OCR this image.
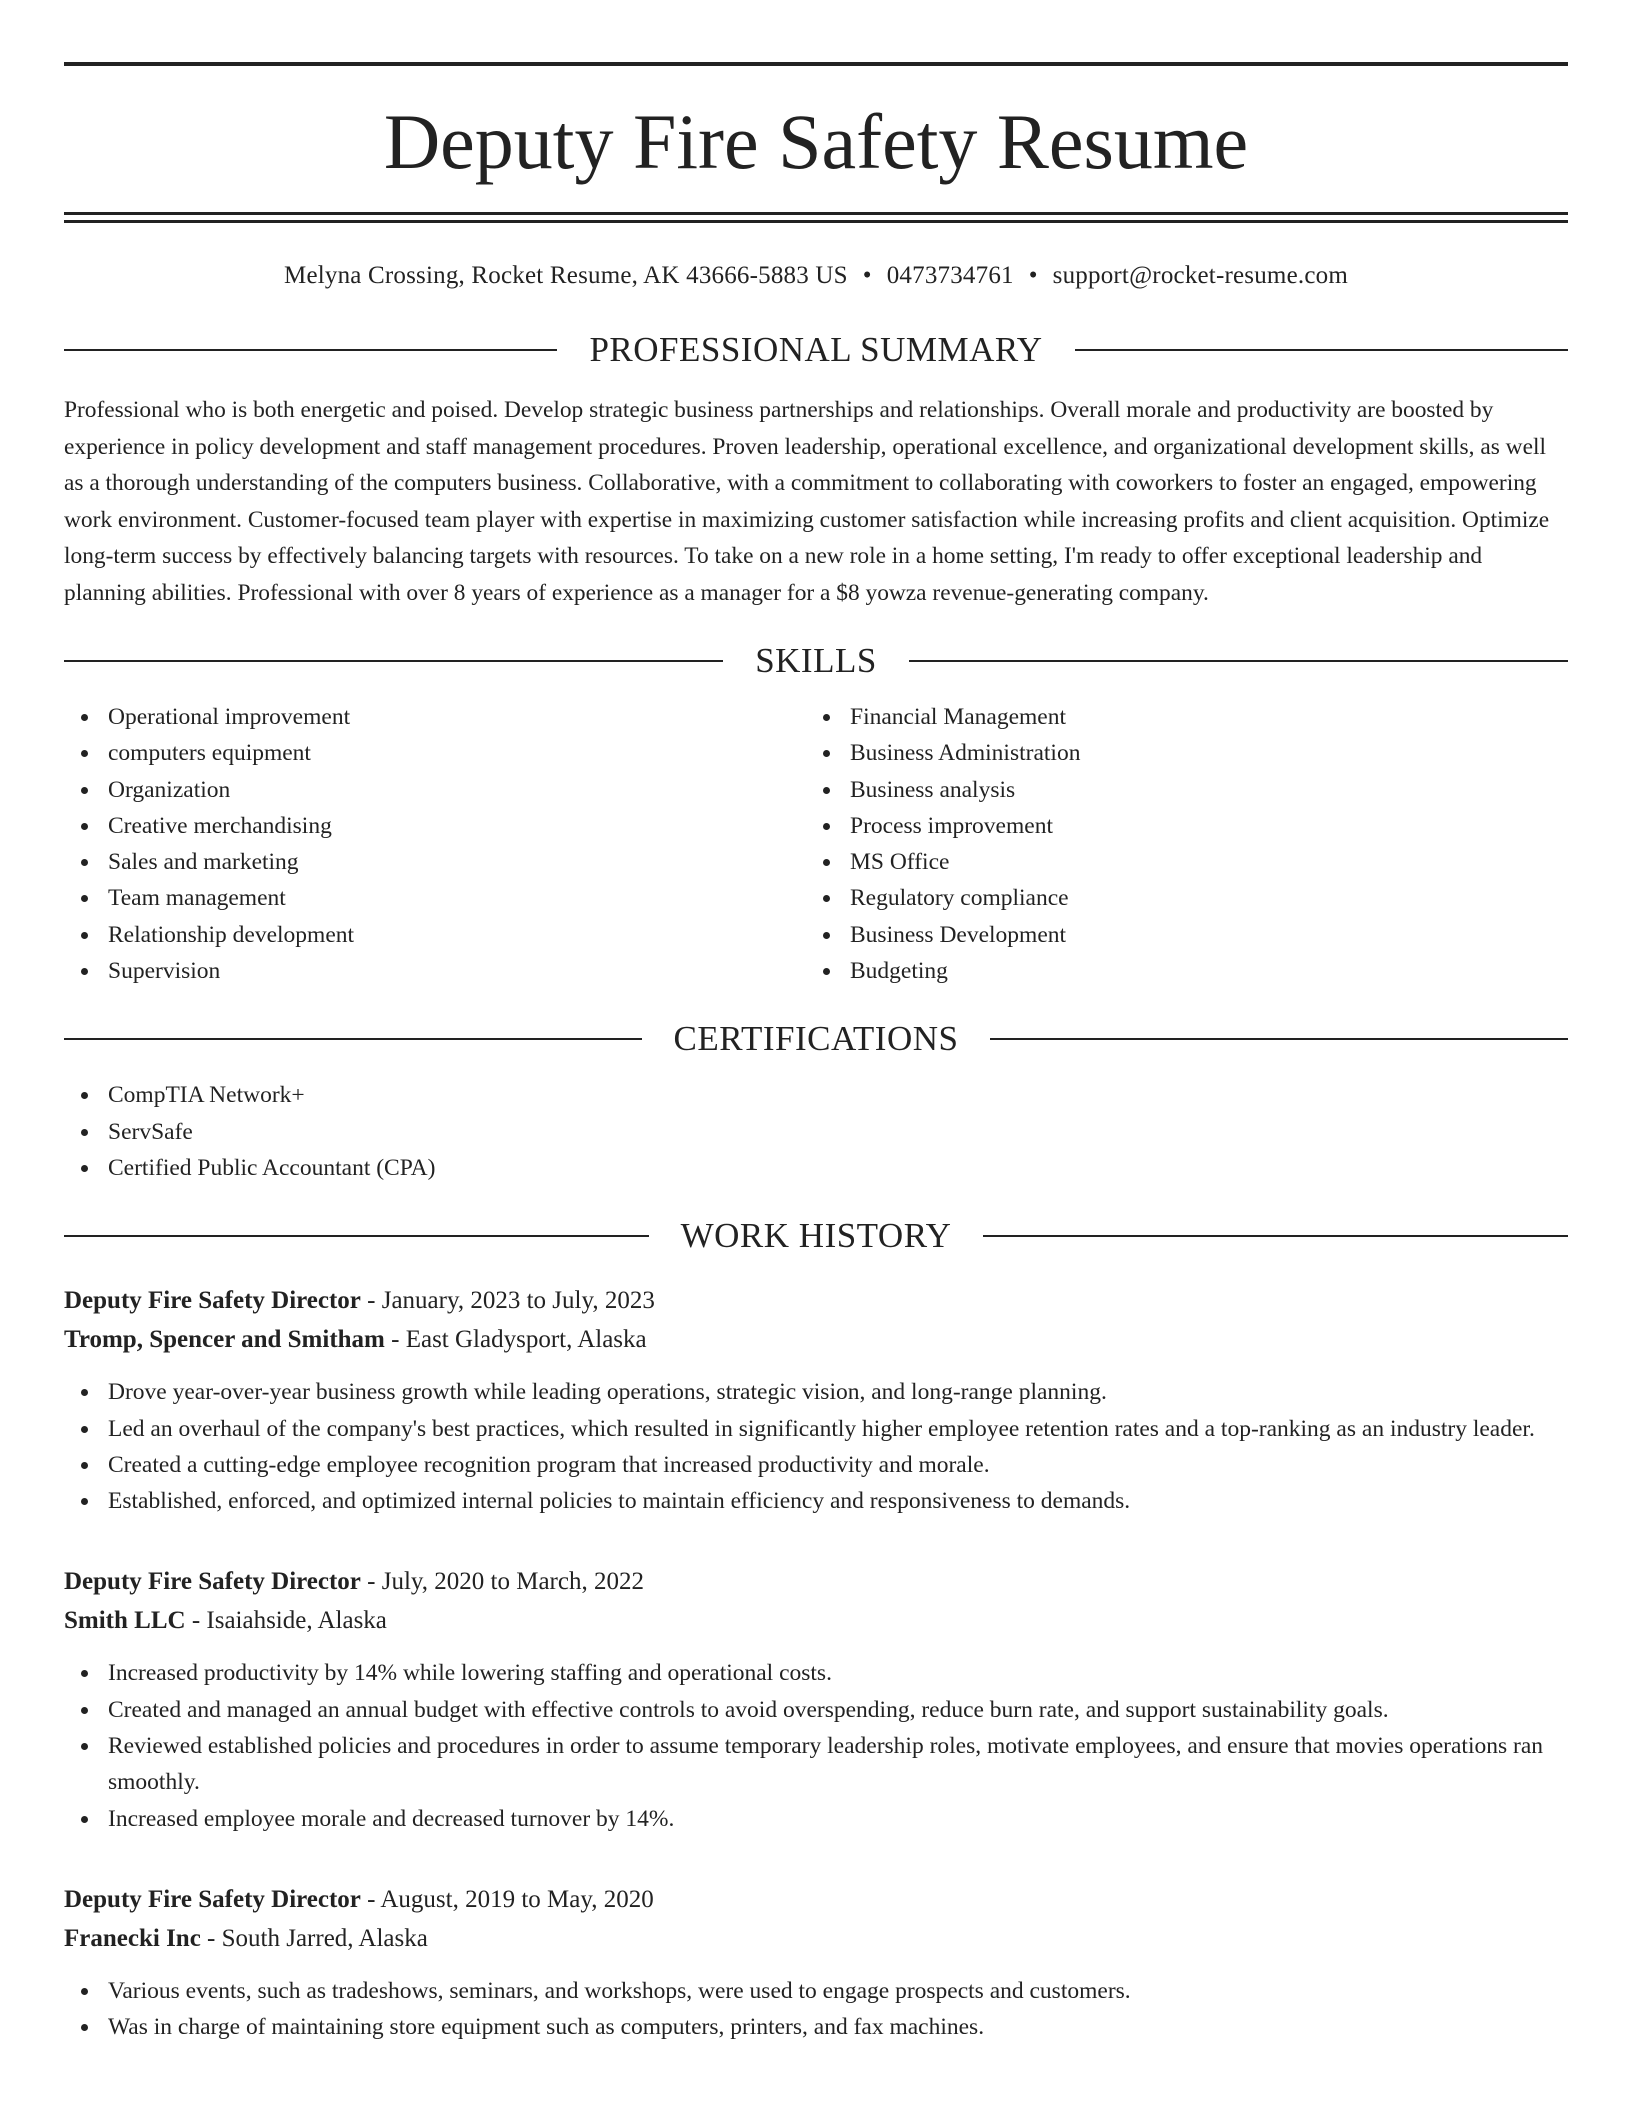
Deputy Fire Safety Resume
Melyna Crossing, Rocket Resume, AK 43666-5883 US • 0473734761 • support@rocket-resume.com
PROFESSIONAL SUMMARY
Professional who is both energetic and poised. Develop strategic business partnerships and relationships. Overall morale and productivity are boosted by experience in policy development and staff management procedures. Proven leadership, operational excellence, and organizational development skills, as well as a thorough understanding of the computers business. Collaborative, with a commitment to collaborating with coworkers to foster an engaged, empowering work environment. Customer-focused team player with expertise in maximizing customer satisfaction while increasing profits and client acquisition. Optimize long-term success by effectively balancing targets with resources. To take on a new role in a home setting, I'm ready to offer exceptional leadership and planning abilities. Professional with over 8 years of experience as a manager for a $8 yowza revenue-generating company.
SKILLS
Operational improvement
computers equipment
Organization
Creative merchandising
Sales and marketing
Team management
Relationship development
Supervision
Financial Management
Business Administration
Business analysis
Process improvement
MS Office
Regulatory compliance
Business Development
Budgeting
CERTIFICATIONS
CompTIA Network+
ServSafe
Certified Public Accountant (CPA)
WORK HISTORY
Deputy Fire Safety Director - January, 2023 to July, 2023
Tromp, Spencer and Smitham - East Gladysport, Alaska
Drove year-over-year business growth while leading operations, strategic vision, and long-range planning.
Led an overhaul of the company's best practices, which resulted in significantly higher employee retention rates and a top-ranking as an industry leader.
Created a cutting-edge employee recognition program that increased productivity and morale.
Established, enforced, and optimized internal policies to maintain efficiency and responsiveness to demands.
Deputy Fire Safety Director - July, 2020 to March, 2022
Smith LLC - Isaiahside, Alaska
Increased productivity by 14% while lowering staffing and operational costs.
Created and managed an annual budget with effective controls to avoid overspending, reduce burn rate, and support sustainability goals.
Reviewed established policies and procedures in order to assume temporary leadership roles, motivate employees, and ensure that movies operations ran smoothly.
Increased employee morale and decreased turnover by 14%.
Deputy Fire Safety Director - August, 2019 to May, 2020
Franecki Inc - South Jarred, Alaska
Various events, such as tradeshows, seminars, and workshops, were used to engage prospects and customers.
Was in charge of maintaining store equipment such as computers, printers, and fax machines.
